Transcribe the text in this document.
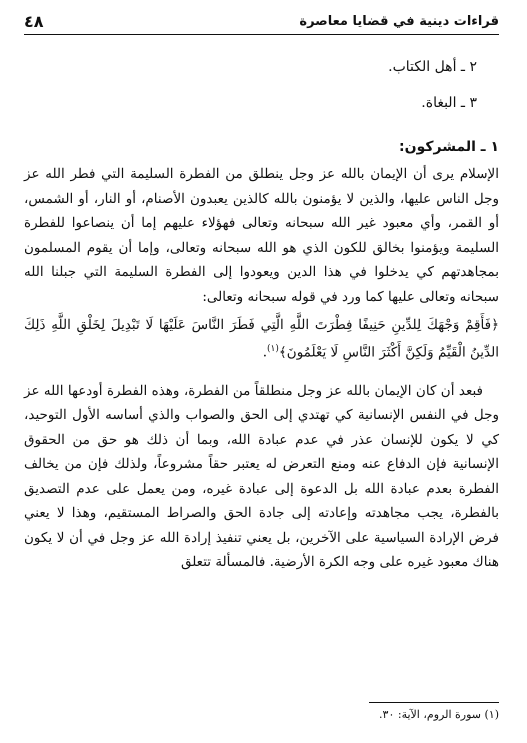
قراءات دينية في قضايا معاصرة
٤٨
٢ ـ أهل الكتاب.
٣ ـ البغاة.
١ ـ المشركون:

الإسلام يرى أن الإيمان بالله عز وجل ينطلق من الفطرة السليمة التي فطر الله عز وجل الناس عليها، والذين لا يؤمنون بالله كالذين يعبدون الأصنام، أو النار، أو الشمس، أو القمر، وأي معبود غير الله سبحانه وتعالى فهؤلاء عليهم إما أن ينصاعوا للفطرة السليمة ويؤمنوا بخالق للكون الذي هو الله سبحانه وتعالى، وإما أن يقوم المسلمون بمجاهدتهم كي يدخلوا في هذا الدين ويعودوا إلى الفطرة السليمة التي جبلنا الله سبحانه وتعالى عليها كما ورد في قوله سبحانه وتعالى:

﴿فَأَقِمْ وَجْهَكَ لِلدِّينِ حَنِيفًا فِطْرَتَ اللَّهِ الَّتِي فَطَرَ النَّاسَ عَلَيْهَا لَا تَبْدِيلَ لِخَلْقِ اللَّهِ ذَلِكَ الدِّينُ الْقَيِّمُ وَلَكِنَّ أَكْثَرَ النَّاسِ لَا يَعْلَمُونَ﴾$^{(١)}$.

فبعد أن كان الإيمان بالله عز وجل منطلقاً من الفطرة، وهذه الفطرة أودعها الله عز وجل في النفس الإنسانية كي تهتدي إلى الحق والصواب والذي أساسه الأول التوحيد، كي لا يكون للإنسان عذر في عدم عبادة الله، وبما أن ذلك هو حق من الحقوق الإنسانية فإن الدفاع عنه ومنع التعرض له يعتبر حقاً مشروعاً، ولذلك فإن من يخالف الفطرة بعدم عبادة الله بل الدعوة إلى عبادة غيره، ومن يعمل على عدم التصديق بالفطرة، يجب مجاهدته وإعادته إلى جادة الحق والصراط المستقيم، وهذا لا يعني فرض الإرادة السياسية على الآخرين، بل يعني تنفيذ إرادة الله عز وجل في أن لا يكون هناك معبود غيره على وجه الكرة الأرضية. فالمسألة تتعلق

(١) سورة الروم، الآية: ٣٠.
